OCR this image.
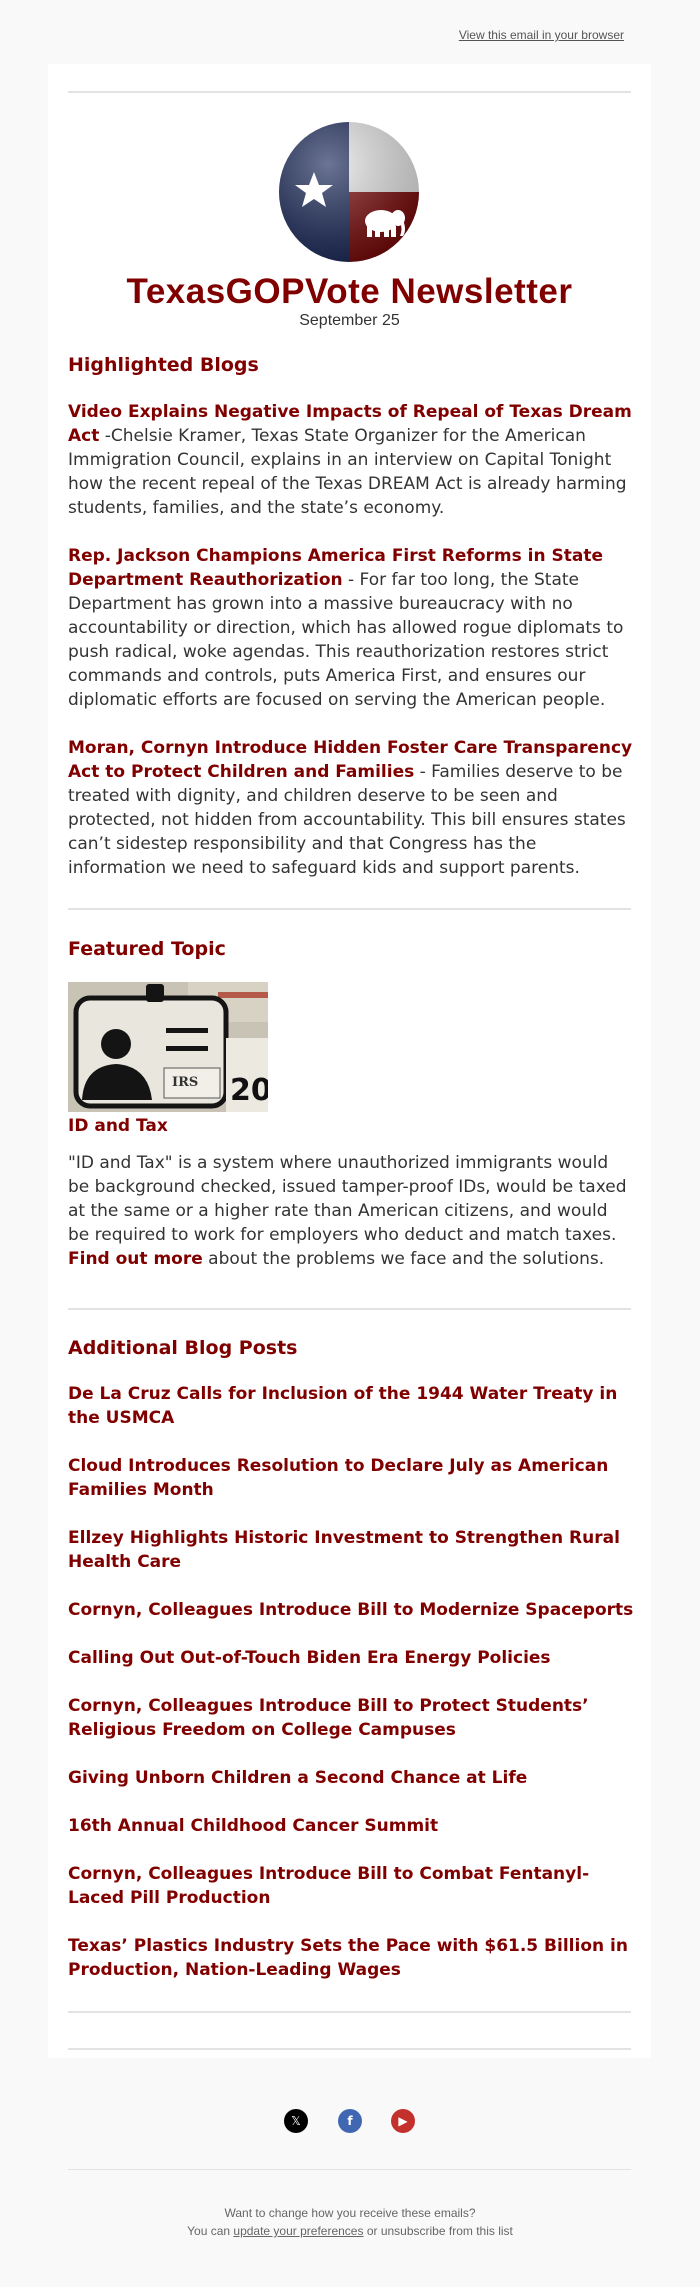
View this email in your browser
TexasGOPVote Newsletter
September 25
Highlighted Blogs
Video Explains Negative Impacts of Repeal of Texas Dream Act -Chelsie Kramer, Texas State Organizer for the American Immigration Council, explains in an interview on Capital Tonight how the recent repeal of the Texas DREAM Act is already harming students, families, and the state’s economy.
Rep. Jackson Champions America First Reforms in State Department Reauthorization - For far too long, the State Department has grown into a massive bureaucracy with no accountability or direction, which has allowed rogue diplomats to push radical, woke agendas. This reauthorization restores strict commands and controls, puts America First, and ensures our diplomatic efforts are focused on serving the American people.
Moran, Cornyn Introduce Hidden Foster Care Transparency Act to Protect Children and Families - Families deserve to be treated with dignity, and children deserve to be seen and protected, not hidden from accountability. This bill ensures states can’t sidestep responsibility and that Congress has the information we need to safeguard kids and support parents.
Featured Topic
IRS 20
ID and Tax
"ID and Tax" is a system where unauthorized immigrants would be background checked, issued tamper-proof IDs, would be taxed at the same or a higher rate than American citizens, and would be required to work for employers who deduct and match taxes. Find out more about the problems we face and the solutions.
Additional Blog Posts
De La Cruz Calls for Inclusion of the 1944 Water Treaty in the USMCA
Cloud Introduces Resolution to Declare July as American Families Month
Ellzey Highlights Historic Investment to Strengthen Rural Health Care
Cornyn, Colleagues Introduce Bill to Modernize Spaceports
Calling Out Out-of-Touch Biden Era Energy Policies
Cornyn, Colleagues Introduce Bill to Protect Students’ Religious Freedom on College Campuses
Giving Unborn Children a Second Chance at Life
16th Annual Childhood Cancer Summit
Cornyn, Colleagues Introduce Bill to Combat Fentanyl-Laced Pill Production
Texas’ Plastics Industry Sets the Pace with $61.5 Billion in Production, Nation-Leading Wages
𝕏	f	▶
Want to change how you receive these emails?
You can update your preferences or unsubscribe from this list
